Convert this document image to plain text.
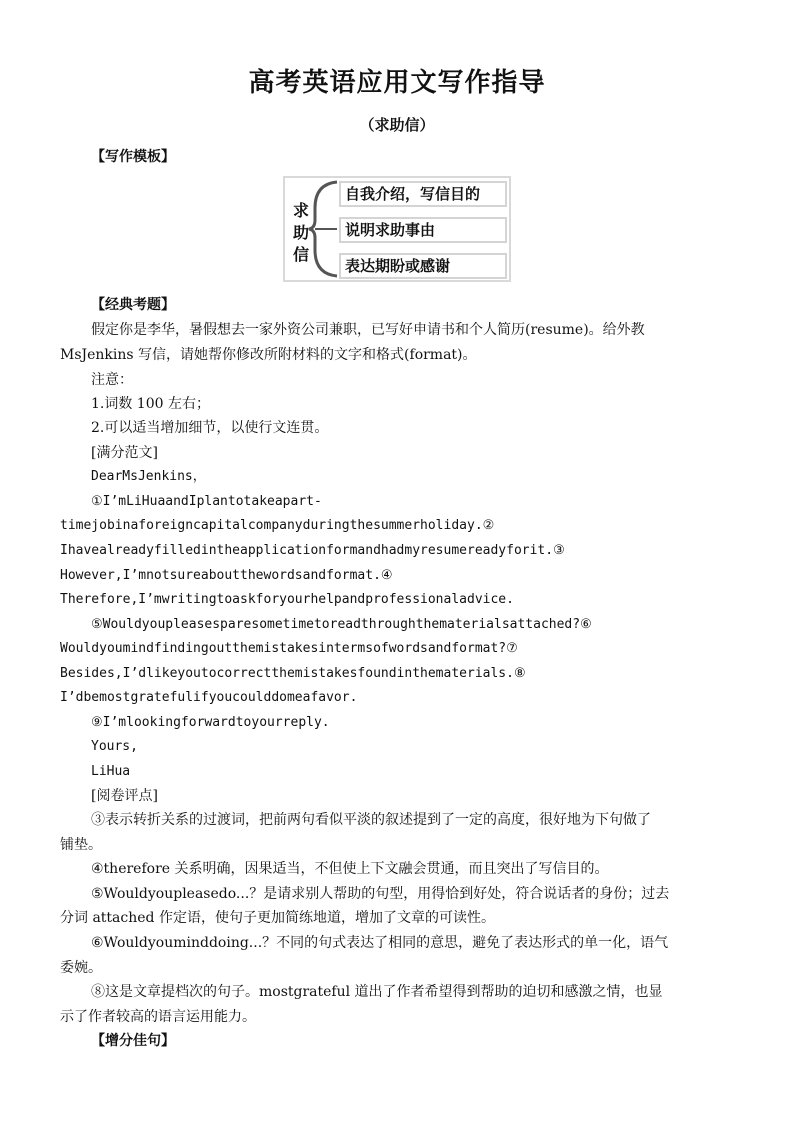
高考英语应用文写作指导
（求助信）
【写作模板】
求
助
信
自我介绍，写信目的
说明求助事由
表达期盼或感谢
【经典考题】
假定你是李华，暑假想去一家外资公司兼职，已写好申请书和个人简历(resume)。给外教
MsJenkins 写信，请她帮你修改所附材料的文字和格式(format)。
注意：
1.词数 100 左右；
2.可以适当增加细节，以使行文连贯。
[满分范文]
DearMsJenkins，
①I’mLiHuaandIplantotakeapart-
timejobinaforeigncapitalcompanyduringthesummerholiday.②
Ihavealreadyfilledintheapplicationformandhadmyresumereadyforit.③
However,I’mnotsureaboutthewordsandformat.④
Therefore,I’mwritingtoaskforyourhelpandprofessionaladvice.
⑤Wouldyoupleasesparesometimetoreadthroughthematerialsattached?⑥
Wouldyoumindfindingoutthemistakesintermsofwordsandformat?⑦
Besides,I’dlikeyoutocorrectthemistakesfoundinthematerials.⑧
I’dbemostgratefulifyoucoulddomeafavor.
⑨I’mlookingforwardtoyourreply.
Yours,
LiHua
[阅卷评点]
③表示转折关系的过渡词，把前两句看似平淡的叙述提到了一定的高度，很好地为下句做了
铺垫。
④therefore 关系明确，因果适当，不但使上下文融会贯通，而且突出了写信目的。
⑤Wouldyoupleasedo...？是请求别人帮助的句型，用得恰到好处，符合说话者的身份；过去
分词 attached 作定语，使句子更加简练地道，增加了文章的可读性。
⑥Wouldyouminddoing...？不同的句式表达了相同的意思，避免了表达形式的单一化，语气
委婉。
⑧这是文章提档次的句子。mostgrateful 道出了作者希望得到帮助的迫切和感激之情，也显
示了作者较高的语言运用能力。
【增分佳句】
